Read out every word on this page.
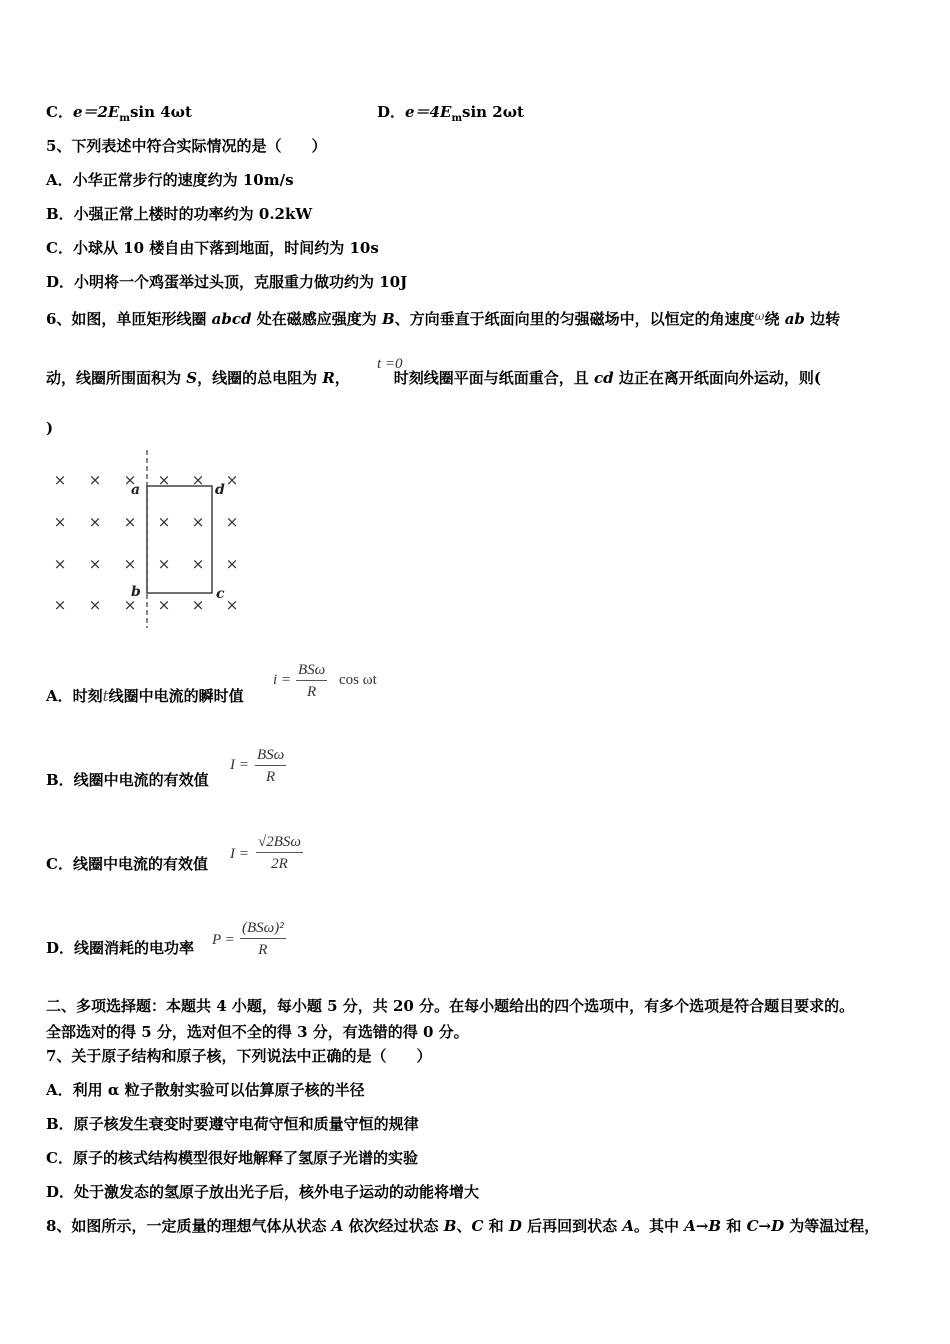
C．$e=2E_m\sin$ 4ωt	D．$e=4E_m\sin$ 2ωt
5、下列表述中符合实际情况的是（　　）
A．小华正常步行的速度约为 10m/s
B．小强正常上楼时的功率约为 0.2kW
C．小球从 10 楼自由下落到地面，时间约为 10s
D．小明将一个鸡蛋举过头顶，克服重力做功约为 10J
6、如图，单匝矩形线圈 abcd 处在磁感应强度为 B、方向垂直于纸面向里的匀强磁场中，以恒定的角速度$^\omega$绕 ab 边转
t =0
动，线圈所围面积为 S，线圈的总电阻为 R，	时刻线圈平面与纸面重合，且 cd 边正在离开纸面向外运动，则(
)
× × × × × ×
× × × × × ×
× × × × × ×
× × × × × ×
a	d
b	c
A．时刻t线圈中电流的瞬时值
i =
BSω
R
cos ωt
B．线圈中电流的有效值
I =
BSω
R
C．线圈中电流的有效值
I =
√2BSω
2R
D．线圈消耗的电功率 P =
(BSω)²
R
二、多项选择题：本题共 4 小题，每小题 5 分，共 20 分。在每小题给出的四个选项中，有多个选项是符合题目要求的。
全部选对的得 5 分，选对但不全的得 3 分，有选错的得 0 分。
7、关于原子结构和原子核，下列说法中正确的是（　　）
A．利用 α 粒子散射实验可以估算原子核的半径
B．原子核发生衰变时要遵守电荷守恒和质量守恒的规律
C．原子的核式结构模型很好地解释了氢原子光谱的实验
D．处于激发态的氢原子放出光子后，核外电子运动的动能将增大
8、如图所示，一定质量的理想气体从状态 A 依次经过状态 B、C 和 D 后再回到状态 A。其中 A→B 和 C→D 为等温过程，
